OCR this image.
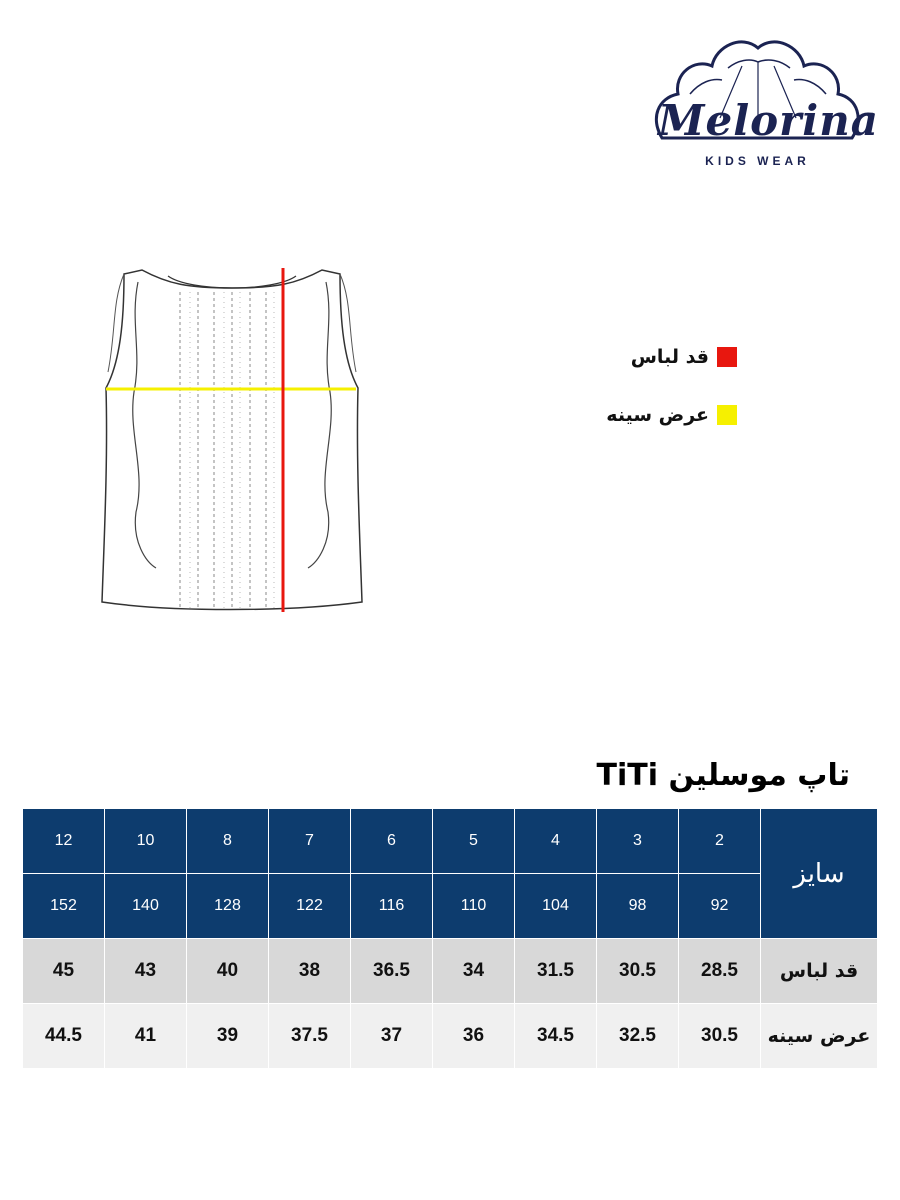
Melorina
KIDS WEAR
قد لباس
عرض سینه
تاپ موسلین TiTi
12	10	8	7	6	5	4	3	2	سایز
152	140	128	122	116	110	104	98	92	
45	43	40	38	36.5	34	31.5	30.5	28.5	قد لباس
44.5	41	39	37.5	37	36	34.5	32.5	30.5	عرض سینه
